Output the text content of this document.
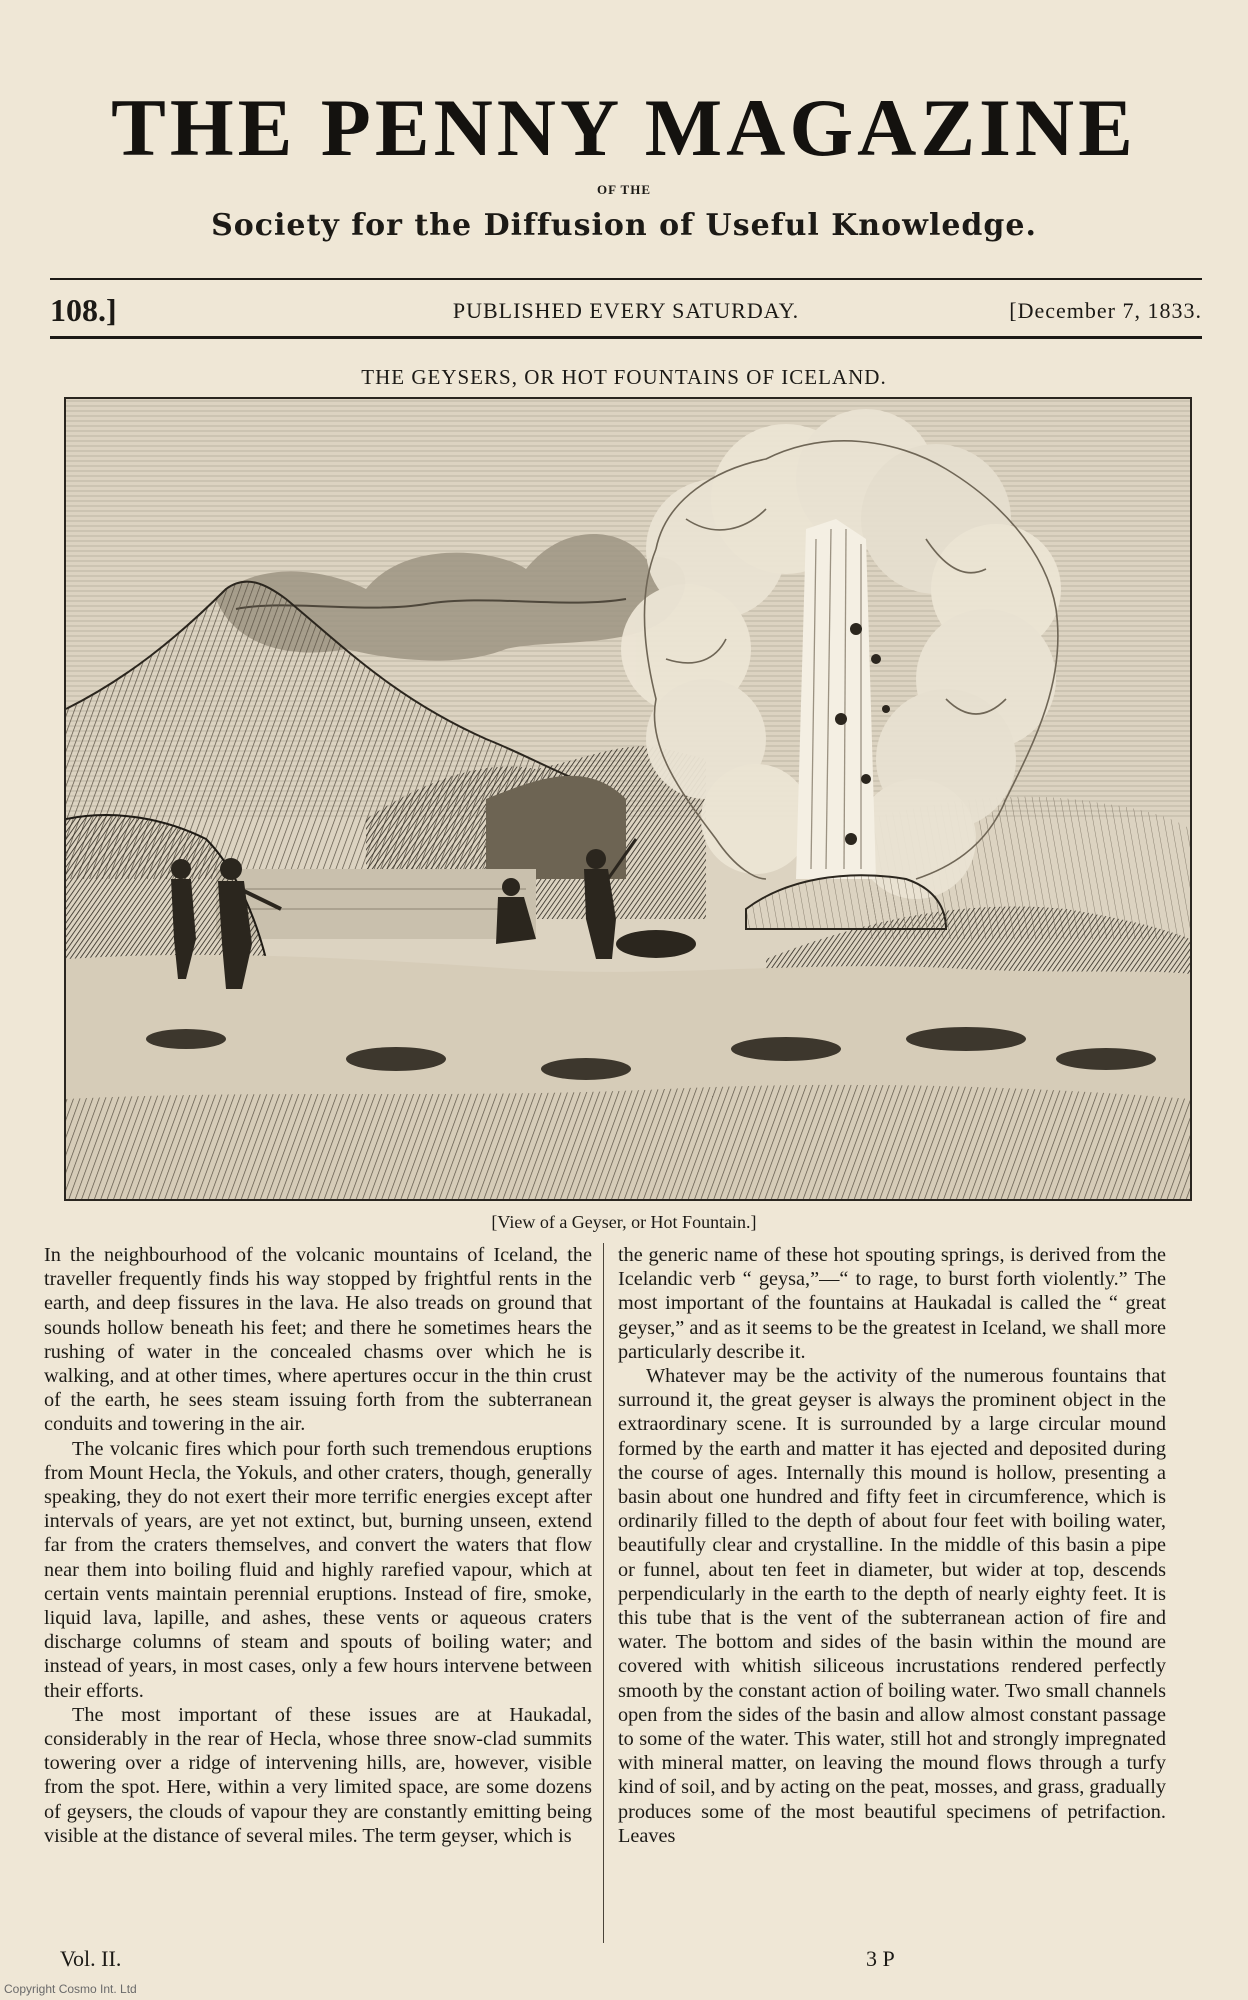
THE PENNY MAGAZINE
OF THE
Society for the Diffusion of Useful Knowledge.
108.]	PUBLISHED EVERY SATURDAY.	[December 7, 1833.
THE GEYSERS, OR HOT FOUNTAINS OF ICELAND.
[View of a Geyser, or Hot Fountain.]

In the neighbourhood of the volcanic mountains of Iceland, the traveller frequently finds his way stopped by frightful rents in the earth, and deep fissures in the lava. He also treads on ground that sounds hollow beneath his feet; and there he sometimes hears the rushing of water in the concealed chasms over which he is walking, and at other times, where apertures occur in the thin crust of the earth, he sees steam issuing forth from the subterranean conduits and towering in the air.

The volcanic fires which pour forth such tremendous eruptions from Mount Hecla, the Yokuls, and other craters, though, generally speaking, they do not exert their more terrific energies except after intervals of years, are yet not extinct, but, burning unseen, extend far from the craters themselves, and convert the waters that flow near them into boiling fluid and highly rarefied vapour, which at certain vents maintain perennial eruptions. Instead of fire, smoke, liquid lava, lapille, and ashes, these vents or aqueous craters discharge columns of steam and spouts of boiling water; and instead of years, in most cases, only a few hours intervene between their efforts.

The most important of these issues are at Haukadal, considerably in the rear of Hecla, whose three snow-clad summits towering over a ridge of intervening hills, are, however, visible from the spot. Here, within a very limited space, are some dozens of geysers, the clouds of vapour they are constantly emitting being visible at the distance of several miles. The term geyser, which is

the generic name of these hot spouting springs, is derived from the Icelandic verb “ geysa,”—“ to rage, to burst forth violently.” The most important of the fountains at Haukadal is called the “ great geyser,” and as it seems to be the greatest in Iceland, we shall more particularly describe it.

Whatever may be the activity of the numerous fountains that surround it, the great geyser is always the prominent object in the extraordinary scene. It is surrounded by a large circular mound formed by the earth and matter it has ejected and deposited during the course of ages. Internally this mound is hollow, presenting a basin about one hundred and fifty feet in circumference, which is ordinarily filled to the depth of about four feet with boiling water, beautifully clear and crystalline. In the middle of this basin a pipe or funnel, about ten feet in diameter, but wider at top, descends perpendicularly in the earth to the depth of nearly eighty feet. It is this tube that is the vent of the subterranean action of fire and water. The bottom and sides of the basin within the mound are covered with whitish siliceous incrustations rendered perfectly smooth by the constant action of boiling water. Two small channels open from the sides of the basin and allow almost constant passage to some of the water. This water, still hot and strongly impregnated with mineral matter, on leaving the mound flows through a turfy kind of soil, and by acting on the peat, mosses, and grass, gradually produces some of the most beautiful specimens of petrifaction. Leaves

Vol. II.	3 P
Copyright Cosmo Int. Ltd
